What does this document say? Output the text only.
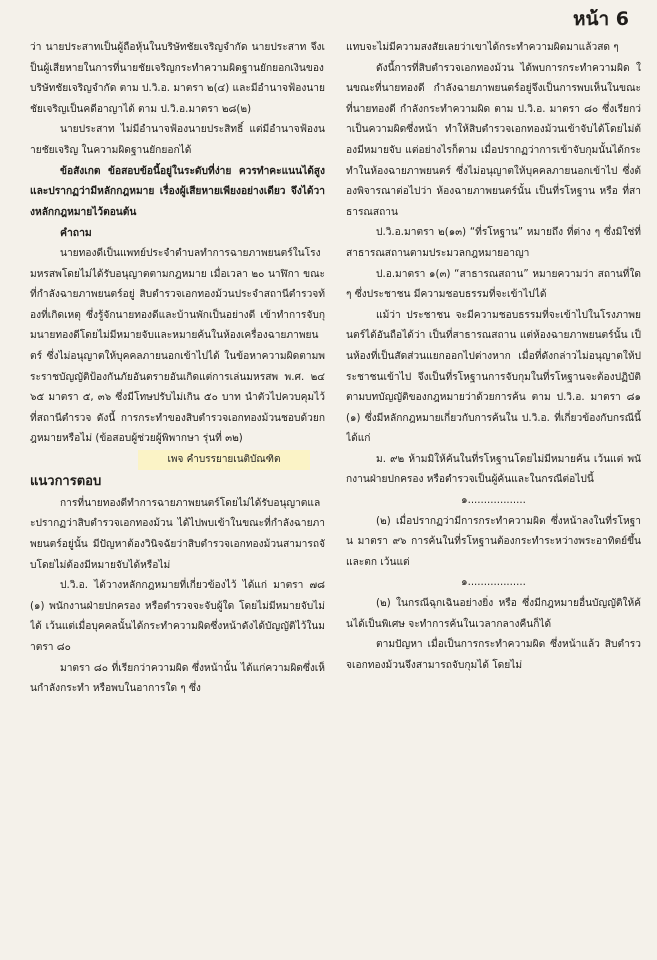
หน้า 6

ว่า นายประสาทเป็นผู้ถือหุ้นในบริษัทชัยเจริญจำกัด นายประสาท จึงเป็นผู้เสียหายในการที่นายชัยเจริญกระทำความผิดฐานยักยอกเงินของบริษัทชัยเจริญจำกัด ตาม ป.วิ.อ. มาตรา ๒(๔) และมีอำนาจฟ้องนายชัยเจริญเป็นคดีอาญาได้ ตาม ป.วิ.อ.มาตรา ๒๘(๒)

นายประสาท ไม่มีอำนาจฟ้องนายประสิทธิ์ แต่มีอำนาจฟ้องนายชัยเจริญ ในความผิดฐานยักยอกได้

ข้อสังเกต ข้อสอบข้อนี้อยู่ในระดับที่ง่าย ควรทำคะแนนได้สูง และปรากฏว่ามีหลักกฎหมาย เรื่องผู้เสียหายเพียงอย่างเดียว จึงได้วางหลักกฎหมายไว้ตอนต้น

คำถาม

นายทองดีเป็นแพทย์ประจำตำบลทำการฉายภาพยนตร์ในโรงมหรสพโดยไม่ได้รับอนุญาตตามกฎหมาย เมื่อเวลา ๒๐ นาฬิกา ขณะที่กำลังฉายภาพยนตร์อยู่ สิบตำรวจเอกทองม้วนประจำสถานีตำรวจท้องที่เกิดเหตุ ซึ่งรู้จักนายทองดีและบ้านพักเป็นอย่างดี เข้าทำการจับกุมนายทองดีโดยไม่มีหมายจับและหมายค้นในห้องเครื่องฉายภาพยนตร์ ซึ่งไม่อนุญาตให้บุคคลภายนอกเข้าไปได้ ในข้อหาความผิดตามพระราชบัญญัติป้องกันภัยอันตรายอันเกิดแต่การเล่นมหรสพ พ.ศ. ๒๔๖๕ มาตรา ๕, ๓๖ ซึ่งมีโทษปรับไม่เกิน ๕๐ บาท นำตัวไปควบคุมไว้ที่สถานีตำรวจ ดังนี้ การกระทำของสิบตำรวจเอกทองม้วนชอบด้วยกฎหมายหรือไม่ (ข้อสอบผู้ช่วยผู้พิพากษา รุ่นที่ ๓๒)

เพจ คำบรรยายเนติบัณฑิต
แนวการตอบ

การที่นายทองดีทำการฉายภาพยนตร์โดยไม่ได้รับอนุญาตและปรากฏว่าสิบตำรวจเอกทองม้วน ได้ไปพบเข้าในขณะที่กำลังฉายภาพยนตร์อยู่นั้น มีปัญหาต้องวินิจฉัยว่าสิบตำรวจเอกทองม้วนสามารถจับโดยไม่ต้องมีหมายจับได้หรือไม่

ป.วิ.อ. ได้วางหลักกฎหมายที่เกี่ยวข้องไว้ ได้แก่ มาตรา ๗๘(๑) พนักงานฝ่ายปกครอง หรือตำรวจจะจับผู้ใด โดยไม่มีหมายจับไม่ได้ เว้นแต่เมื่อบุคคลนั้นได้กระทำความผิดซึ่งหน้าดังได้บัญญัติไว้ในมาตรา ๘๐

มาตรา ๘๐ ที่เรียกว่าความผิด ซึ่งหน้านั้น ได้แก่ความผิดซึ่งเห็นกำลังกระทำ หรือพบในอาการใด ๆ ซึ่ง

แทบจะไม่มีความสงสัยเลยว่าเขาได้กระทำความผิดมาแล้วสด ๆ

ดังนี้การที่สิบตำรวจเอกทองม้วน ได้พบการกระทำความผิด ในขณะที่นายทองดี กำลังฉายภาพยนตร์อยู่จึงเป็นการพบเห็นในขณะที่นายทองดี กำลังกระทำความผิด ตาม ป.วิ.อ. มาตรา ๘๐ ซึ่งเรียกว่าเป็นความผิดซึ่งหน้า ทำให้สิบตำรวจเอกทองม้วนเข้าจับได้โดยไม่ต้องมีหมายจับ แต่อย่างไรก็ตาม เมื่อปรากฏว่าการเข้าจับกุมนั้นได้กระทำในห้องฉายภาพยนตร์ ซึ่งไม่อนุญาตให้บุคคลภายนอกเข้าไป ซึ่งต้องพิจารณาต่อไปว่า ห้องฉายภาพยนตร์นั้น เป็นที่รโหฐาน หรือ ที่สาธารณสถาน

ป.วิ.อ.มาตรา ๒(๑๓) “ที่รโหฐาน” หมายถึง ที่ต่าง ๆ ซึ่งมิใช่ที่สาธารณสถานตามประมวลกฎหมายอาญา

ป.อ.มาตรา ๑(๓) “สาธารณสถาน” หมายความว่า สถานที่ใด ๆ ซึ่งประชาชน มีความชอบธรรมที่จะเข้าไปได้

แม้ว่า ประชาชน จะมีความชอบธรรมที่จะเข้าไปในโรงภาพยนตร์ได้อันถือได้ว่า เป็นที่สาธารณสถาน แต่ห้องฉายภาพยนตร์นั้น เป็นห้องที่เป็นสัดส่วนแยกออกไปต่างหาก เมื่อที่ดังกล่าวไม่อนุญาตให้ประชาชนเข้าไป จึงเป็นที่รโหฐานการจับกุมในที่รโหฐานจะต้องปฏิบัติตามบทบัญญัติของกฎหมายว่าด้วยการค้น ตาม ป.วิ.อ. มาตรา ๘๑(๑) ซึ่งมีหลักกฎหมายเกี่ยวกับการค้นใน ป.วิ.อ. ที่เกี่ยวข้องกับกรณีนี้ ได้แก่

ม. ๙๒ ห้ามมิให้ค้นในที่รโหฐานโดยไม่มีหมายค้น เว้นแต่ พนักงานฝ่ายปกครอง หรือตำรวจเป็นผู้ค้นและในกรณีต่อไปนี้

๑..................

(๒) เมื่อปรากฏว่ามีการกระทำความผิด ซึ่งหน้าลงในที่รโหฐาน มาตรา ๙๖ การค้นในที่รโหฐานต้องกระทำระหว่างพระอาทิตย์ขึ้นและตก เว้นแต่

๑..................

(๒) ในกรณีฉุกเฉินอย่างยิ่ง หรือ ซึ่งมีกฎหมายอื่นบัญญัติให้ค้นได้เป็นพิเศษ จะทำการค้นในเวลากลางคืนก็ได้

ตามปัญหา เมื่อเป็นการกระทำความผิด ซึ่งหน้าแล้ว สิบตำรวจเอกทองม้วนจึงสามารถจับกุมได้ โดยไม่
